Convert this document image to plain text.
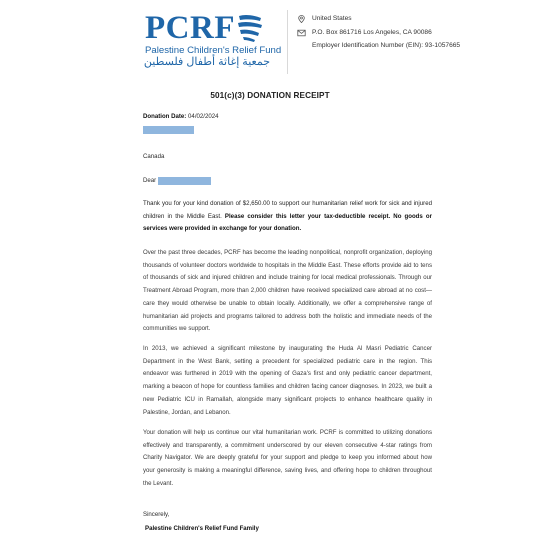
PCRF
Palestine Children's Relief Fund
جمعية إغاثة أطفال فلسطين
United States
P.O. Box 861716 Los Angeles, CA 90086
Employer Identification Number (EIN): 93-1057665
501(c)(3) DONATION RECEIPT
Donation Date: 04/02/2024
Canada
Dear
Thank you for your kind donation of $2,650.00 to support our humanitarian relief work for sick and injured children in the Middle East. Please consider this letter your tax-deductible receipt. No goods or services were provided in exchange for your donation.
Over the past three decades, PCRF has become the leading nonpolitical, nonprofit organization, deploying thousands of volunteer doctors worldwide to hospitals in the Middle East. These efforts provide aid to tens of thousands of sick and injured children and include training for local medical professionals. Through our Treatment Abroad Program, more than 2,000 children have received specialized care abroad at no cost—care they would otherwise be unable to obtain locally. Additionally, we offer a comprehensive range of humanitarian aid projects and programs tailored to address both the holistic and immediate needs of the communities we support.
In 2013, we achieved a significant milestone by inaugurating the Huda Al Masri Pediatric Cancer Department in the West Bank, setting a precedent for specialized pediatric care in the region. This endeavor was furthered in 2019 with the opening of Gaza's first and only pediatric cancer department, marking a beacon of hope for countless families and children facing cancer diagnoses. In 2023, we built a new Pediatric ICU in Ramallah, alongside many significant projects to enhance healthcare quality in Palestine, Jordan, and Lebanon.
Your donation will help us continue our vital humanitarian work. PCRF is committed to utilizing donations effectively and transparently, a commitment underscored by our eleven consecutive 4-star ratings from Charity Navigator. We are deeply grateful for your support and pledge to keep you informed about how your generosity is making a meaningful difference, saving lives, and offering hope to children throughout the Levant.
Sincerely,
Palestine Children's Relief Fund Family
